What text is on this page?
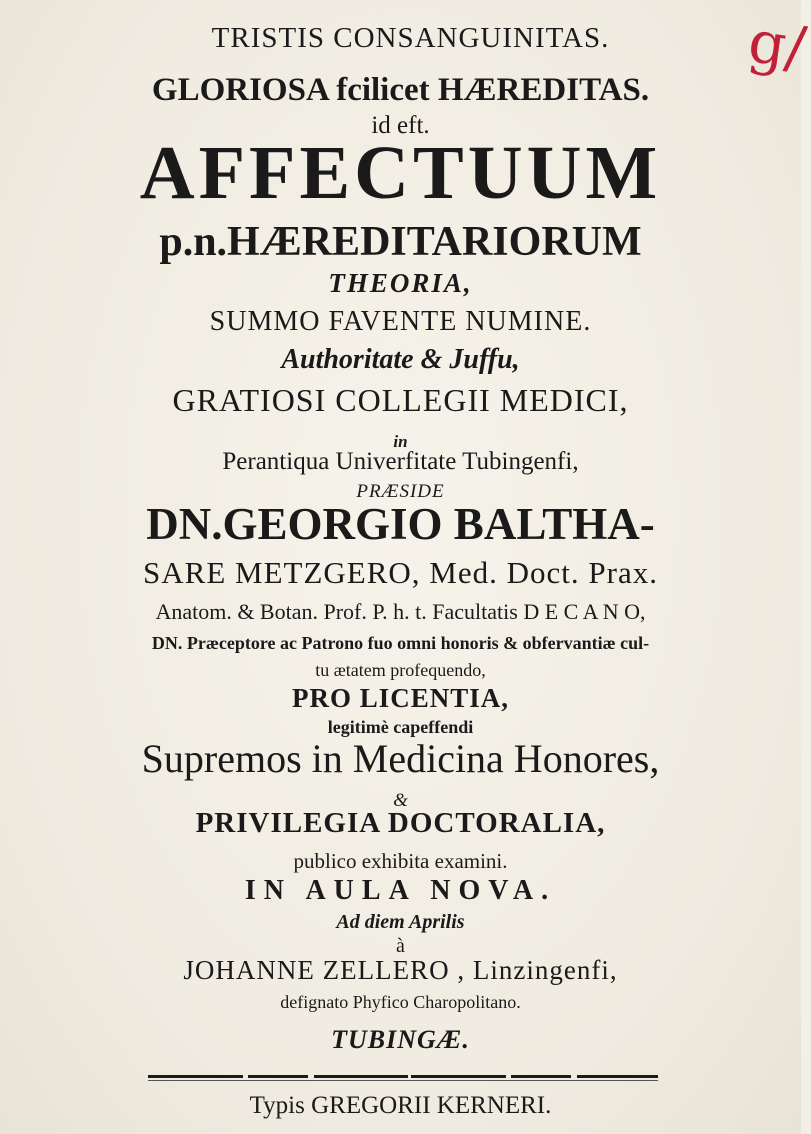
g/
TRISTIS CONSANGUINITAS.
GLORIOSA fcilicet HÆREDITAS.
id eft.
AFFECTUUM
p.n.HÆREDITARIORUM
THEORIA,
SUMMO FAVENTE NUMINE.
Authoritate & Juffu,
GRATIOSI COLLEGII MEDICI,
in
Perantiqua Univerfitate Tubingenfi,
PRÆSIDE
DN.GEORGIO BALTHA-
SARE METZGERO, Med. Doct. Prax.
Anatom. & Botan. Prof. P. h. t. Facultatis D E C A N O,
DN. Præceptore ac Patrono fuo omni honoris & obfervantiæ cul-
tu ætatem profequendo,
PRO LICENTIA,
legitimè capeffendi
Supremos in Medicina Honores,
&
PRIVILEGIA DOCTORALIA,
publico exhibita examini.
IN AULA NOVA.
Ad diem Aprilis
à
JOHANNE ZELLERO , Linzingenfi,
defignato Phyfico Charopolitano.
TUBINGÆ.
Typis GREGORII KERNERI.
